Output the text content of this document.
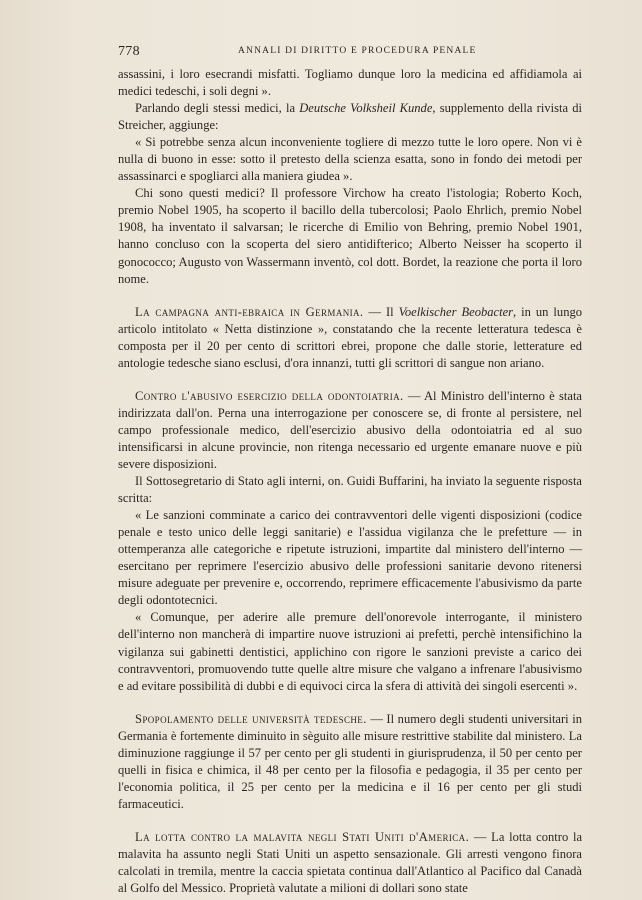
778	ANNALI DI DIRITTO E PROCEDURA PENALE

assassini, i loro esecrandi misfatti. Togliamo dunque loro la medicina ed affidiamola ai medici tedeschi, i soli degni ».

Parlando degli stessi medici, la Deutsche Volksheil Kunde, supplemento della rivista di Streicher, aggiunge:

« Si potrebbe senza alcun inconveniente togliere di mezzo tutte le loro opere. Non vi è nulla di buono in esse: sotto il pretesto della scienza esatta, sono in fondo dei metodi per assassinarci e spogliarci alla maniera giudea ».

Chi sono questi medici? Il professore Virchow ha creato l'istologia; Roberto Koch, premio Nobel 1905, ha scoperto il bacillo della tubercolosi; Paolo Ehrlich, premio Nobel 1908, ha inventato il salvarsan; le ricerche di Emilio von Behring, premio Nobel 1901, hanno concluso con la scoperta del siero antidifterico; Alberto Neisser ha scoperto il gonococco; Augusto von Wassermann inventò, col dott. Bordet, la reazione che porta il loro nome.

La campagna anti-ebraica in Germania. — Il Voelkischer Beobacter, in un lungo articolo intitolato « Netta distinzione », constatando che la recente letteratura tedesca è composta per il 20 per cento di scrittori ebrei, propone che dalle storie, letterature ed antologie tedesche siano esclusi, d'ora innanzi, tutti gli scrittori di sangue non ariano.

Contro l'abusivo esercizio della odontoiatria. — Al Ministro dell'interno è stata indirizzata dall'on. Perna una interrogazione per conoscere se, di fronte al persistere, nel campo professionale medico, dell'esercizio abusivo della odontoiatria ed al suo intensificarsi in alcune provincie, non ritenga necessario ed urgente emanare nuove e più severe disposizioni.

Il Sottosegretario di Stato agli interni, on. Guidi Buffarini, ha inviato la seguente risposta scritta:

« Le sanzioni comminate a carico dei contravventori delle vigenti disposizioni (codice penale e testo unico delle leggi sanitarie) e l'assidua vigilanza che le prefetture — in ottemperanza alle categoriche e ripetute istruzioni, impartite dal ministero dell'interno — esercitano per reprimere l'esercizio abusivo delle professioni sanitarie devono ritenersi misure adeguate per prevenire e, occorrendo, reprimere efficacemente l'abusivismo da parte degli odontotecnici.

« Comunque, per aderire alle premure dell'onorevole interrogante, il ministero dell'interno non mancherà di impartire nuove istruzioni ai prefetti, perchè intensifichino la vigilanza sui gabinetti dentistici, applichino con rigore le sanzioni previste a carico dei contravventori, promuovendo tutte quelle altre misure che valgano a infrenare l'abusivismo e ad evitare possibilità di dubbi e di equivoci circa la sfera di attività dei singoli esercenti ».

Spopolamento delle università tedesche. — Il numero degli studenti universitari in Germania è fortemente diminuito in sèguito alle misure restrittive stabilite dal ministero. La diminuzione raggiunge il 57 per cento per gli studenti in giurisprudenza, il 50 per cento per quelli in fisica e chimica, il 48 per cento per la filosofia e pedagogia, il 35 per cento per l'economia politica, il 25 per cento per la medicina e il 16 per cento per gli studi farmaceutici.

La lotta contro la malavita negli Stati Uniti d'America. — La lotta contro la malavita ha assunto negli Stati Uniti un aspetto sensazionale. Gli arresti vengono finora calcolati in tremila, mentre la caccia spietata continua dall'Atlantico al Pacifico dal Canadà al Golfo del Messico. Proprietà valutate a milioni di dollari sono state
